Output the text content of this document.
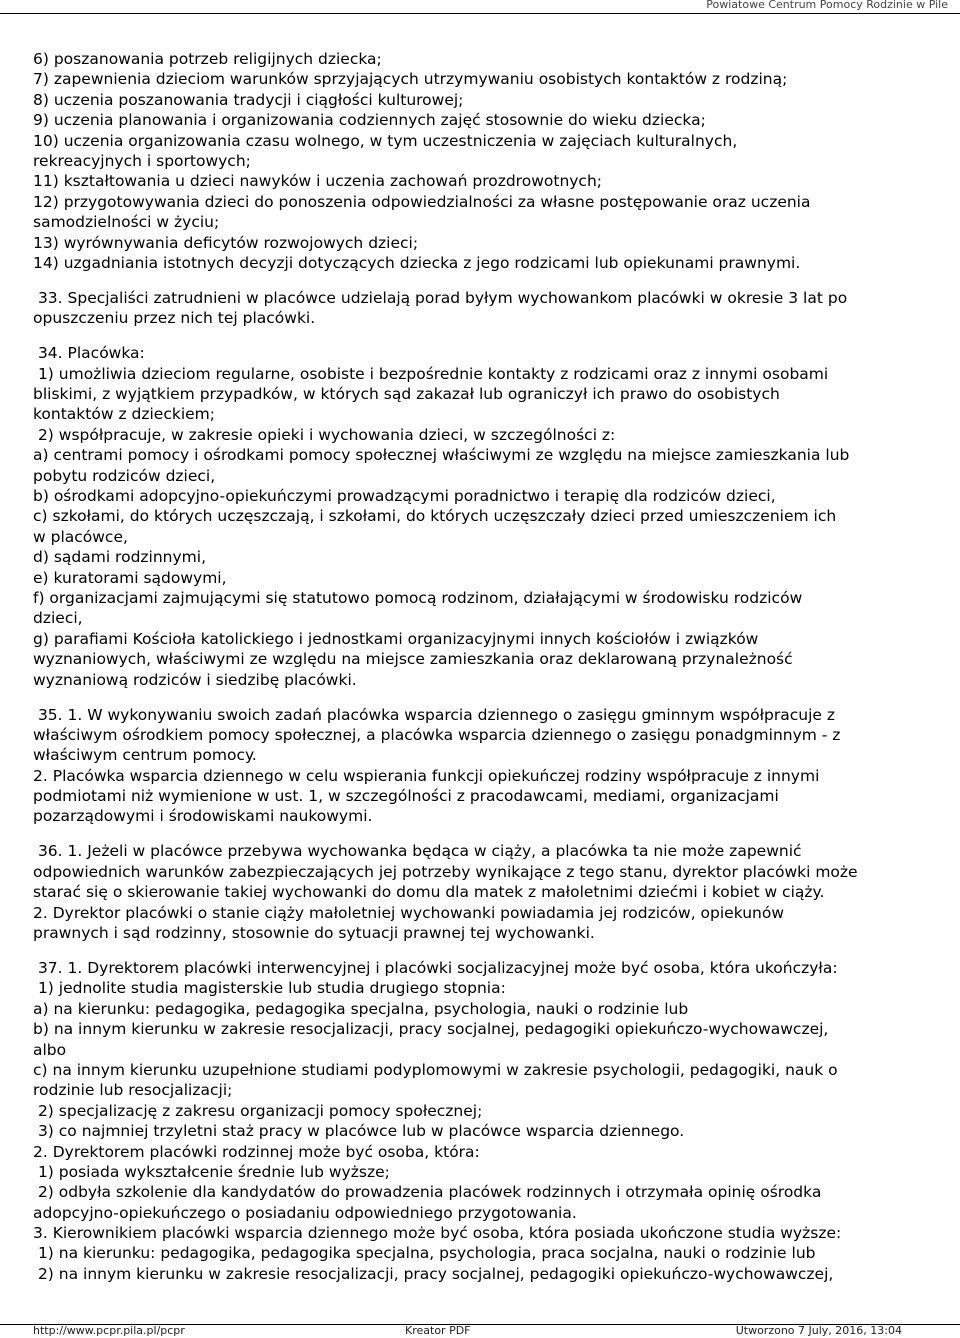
Powiatowe Centrum Pomocy Rodzinie w Pile
6) poszanowania potrzeb religijnych dziecka;
7) zapewnienia dzieciom warunków sprzyjających utrzymywaniu osobistych kontaktów z rodziną;
8) uczenia poszanowania tradycji i ciągłości kulturowej;
9) uczenia planowania i organizowania codziennych zajęć stosownie do wieku dziecka;
10) uczenia organizowania czasu wolnego, w tym uczestniczenia w zajęciach kulturalnych,
rekreacyjnych i sportowych;
11) kształtowania u dzieci nawyków i uczenia zachowań prozdrowotnych;
12) przygotowywania dzieci do ponoszenia odpowiedzialności za własne postępowanie oraz uczenia
samodzielności w życiu;
13) wyrównywania deficytów rozwojowych dzieci;
14) uzgadniania istotnych decyzji dotyczących dziecka z jego rodzicami lub opiekunami prawnymi.
33. Specjaliści zatrudnieni w placówce udzielają porad byłym wychowankom placówki w okresie 3 lat po
opuszczeniu przez nich tej placówki.
34. Placówka:
1) umożliwia dzieciom regularne, osobiste i bezpośrednie kontakty z rodzicami oraz z innymi osobami
bliskimi, z wyjątkiem przypadków, w których sąd zakazał lub ograniczył ich prawo do osobistych
kontaktów z dzieckiem;
2) współpracuje, w zakresie opieki i wychowania dzieci, w szczególności z:
a) centrami pomocy i ośrodkami pomocy społecznej właściwymi ze względu na miejsce zamieszkania lub
pobytu rodziców dzieci,
b) ośrodkami adopcyjno-opiekuńczymi prowadzącymi poradnictwo i terapię dla rodziców dzieci,
c) szkołami, do których uczęszczają, i szkołami, do których uczęszczały dzieci przed umieszczeniem ich
w placówce,
d) sądami rodzinnymi,
e) kuratorami sądowymi,
f) organizacjami zajmującymi się statutowo pomocą rodzinom, działającymi w środowisku rodziców
dzieci,
g) parafiami Kościoła katolickiego i jednostkami organizacyjnymi innych kościołów i związków
wyznaniowych, właściwymi ze względu na miejsce zamieszkania oraz deklarowaną przynależność
wyznaniową rodziców i siedzibę placówki.
35. 1. W wykonywaniu swoich zadań placówka wsparcia dziennego o zasięgu gminnym współpracuje z
właściwym ośrodkiem pomocy społecznej, a placówka wsparcia dziennego o zasięgu ponadgminnym - z
właściwym centrum pomocy.
2. Placówka wsparcia dziennego w celu wspierania funkcji opiekuńczej rodziny współpracuje z innymi
podmiotami niż wymienione w ust. 1, w szczególności z pracodawcami, mediami, organizacjami
pozarządowymi i środowiskami naukowymi.
36. 1. Jeżeli w placówce przebywa wychowanka będąca w ciąży, a placówka ta nie może zapewnić
odpowiednich warunków zabezpieczających jej potrzeby wynikające z tego stanu, dyrektor placówki może
starać się o skierowanie takiej wychowanki do domu dla matek z małoletnimi dziećmi i kobiet w ciąży.
2. Dyrektor placówki o stanie ciąży małoletniej wychowanki powiadamia jej rodziców, opiekunów
prawnych i sąd rodzinny, stosownie do sytuacji prawnej tej wychowanki.
37. 1. Dyrektorem placówki interwencyjnej i placówki socjalizacyjnej może być osoba, która ukończyła:
1) jednolite studia magisterskie lub studia drugiego stopnia:
a) na kierunku: pedagogika, pedagogika specjalna, psychologia, nauki o rodzinie lub
b) na innym kierunku w zakresie resocjalizacji, pracy socjalnej, pedagogiki opiekuńczo-wychowawczej,
albo
c) na innym kierunku uzupełnione studiami podyplomowymi w zakresie psychologii, pedagogiki, nauk o
rodzinie lub resocjalizacji;
2) specjalizację z zakresu organizacji pomocy społecznej;
3) co najmniej trzyletni staż pracy w placówce lub w placówce wsparcia dziennego.
2. Dyrektorem placówki rodzinnej może być osoba, która:
1) posiada wykształcenie średnie lub wyższe;
2) odbyła szkolenie dla kandydatów do prowadzenia placówek rodzinnych i otrzymała opinię ośrodka
adopcyjno-opiekuńczego o posiadaniu odpowiedniego przygotowania.
3. Kierownikiem placówki wsparcia dziennego może być osoba, która posiada ukończone studia wyższe:
1) na kierunku: pedagogika, pedagogika specjalna, psychologia, praca socjalna, nauki o rodzinie lub
2) na innym kierunku w zakresie resocjalizacji, pracy socjalnej, pedagogiki opiekuńczo-wychowawczej,
http://www.pcpr.pila.pl/pcpr	Kreator PDF	Utworzono 7 July, 2016, 13:04
